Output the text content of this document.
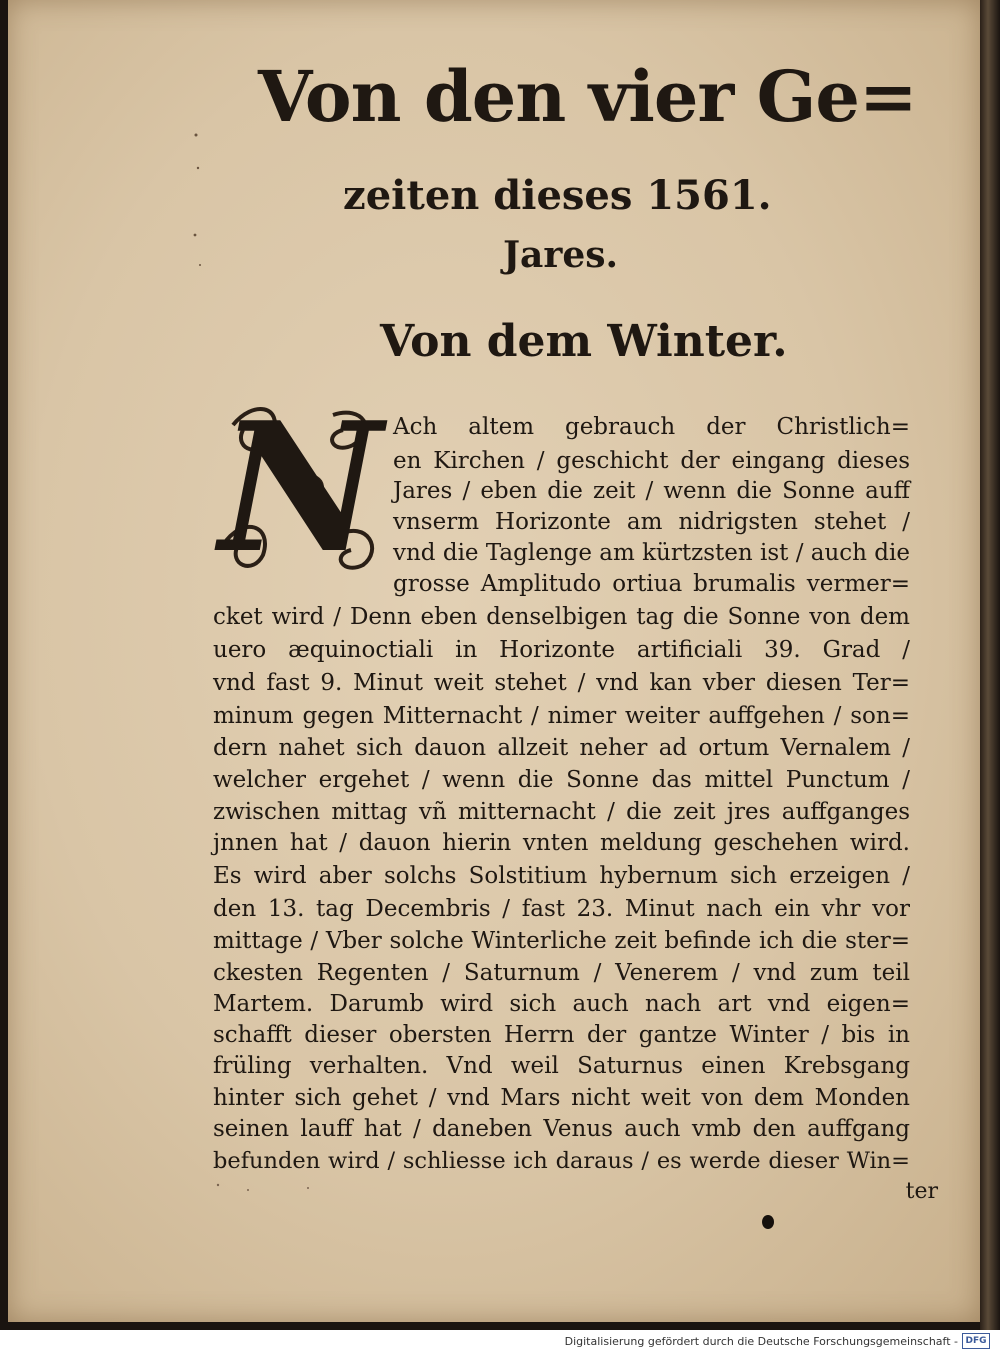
Von den vier Ge=
zeiten dieses 1561.
Jares.
Von dem Winter.
N Ach altem gebrauch der Christlich=
en Kirchen / geschicht der eingang dieses
Jares / eben die zeit / wenn die Sonne auff
vnserm Horizonte am nidrigsten stehet /
vnd die Taglenge am kürtzsten ist / auch die
grosse Amplitudo ortiua brumalis vermer=
cket wird / Denn eben denselbigen tag die Sonne von dem
uero æquinoctiali in Horizonte artificiali 39. Grad /
vnd fast 9. Minut weit stehet / vnd kan vber diesen Ter=
minum gegen Mitternacht / nimer weiter auffgehen / son=
dern nahet sich dauon allzeit neher ad ortum Vernalem /
welcher ergehet / wenn die Sonne das mittel Punctum /
zwischen mittag vñ mitternacht / die zeit jres auffganges
jnnen hat / dauon hierin vnten meldung geschehen wird.
Es wird aber solchs Solstitium hybernum sich erzeigen /
den 13. tag Decembris / fast 23. Minut nach ein vhr vor
mittage / Vber solche Winterliche zeit befinde ich die ster=
ckesten Regenten / Saturnum / Venerem / vnd zum teil
Martem. Darumb wird sich auch nach art vnd eigen=
schafft dieser obersten Herrn der gantze Winter / bis in
früling verhalten. Vnd weil Saturnus einen Krebsgang
hinter sich gehet / vnd Mars nicht weit von dem Monden
seinen lauff hat / daneben Venus auch vmb den auffgang
befunden wird / schliesse ich daraus / es werde dieser Win=
ter
Digitalisierung gefördert durch die Deutsche Forschungsgemeinschaft - DFG
